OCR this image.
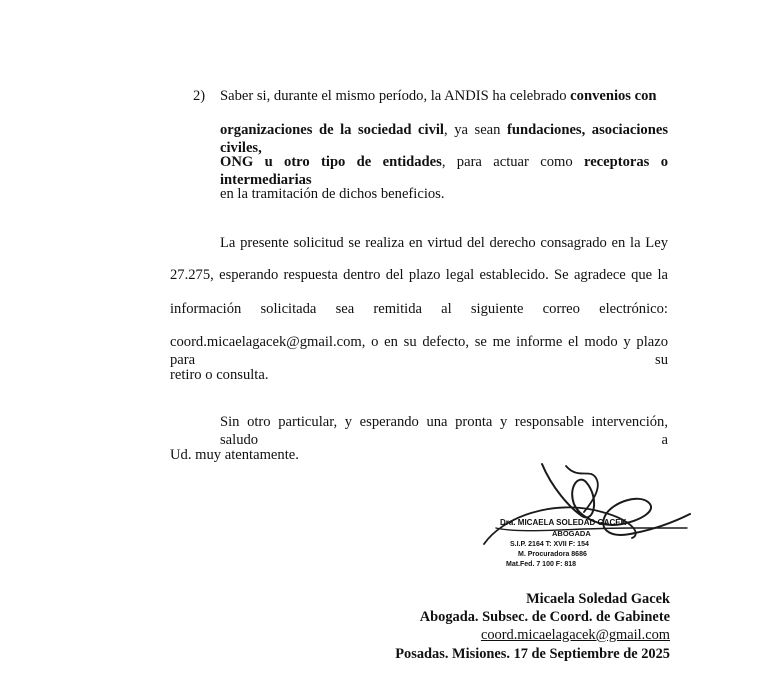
2) Saber si, durante el mismo período, la ANDIS ha celebrado convenios con
organizaciones de la sociedad civil, ya sean fundaciones, asociaciones civiles,
ONG u otro tipo de entidades, para actuar como receptoras o intermediarias
en la tramitación de dichos beneficios.
La presente solicitud se realiza en virtud del derecho consagrado en la Ley
27.275, esperando respuesta dentro del plazo legal establecido. Se agradece que la
información solicitada sea remitida al siguiente correo electrónico:
coord.micaelagacek@gmail.com, o en su defecto, se me informe el modo y plazo para su
retiro o consulta.
Sin otro particular, y esperando una pronta y responsable intervención, saludo a
Ud. muy atentamente.
Dra. MICAELA SOLEDAD GACEK
ABOGADA
S.I.P. 2164 T: XVII F: 154
M. Procuradora 8686
Mat.Fed. 7 100 F: 818
Micaela Soledad Gacek
Abogada. Subsec. de Coord. de Gabinete
coord.micaelagacek@gmail.com
Posadas. Misiones. 17 de Septiembre de 2025
